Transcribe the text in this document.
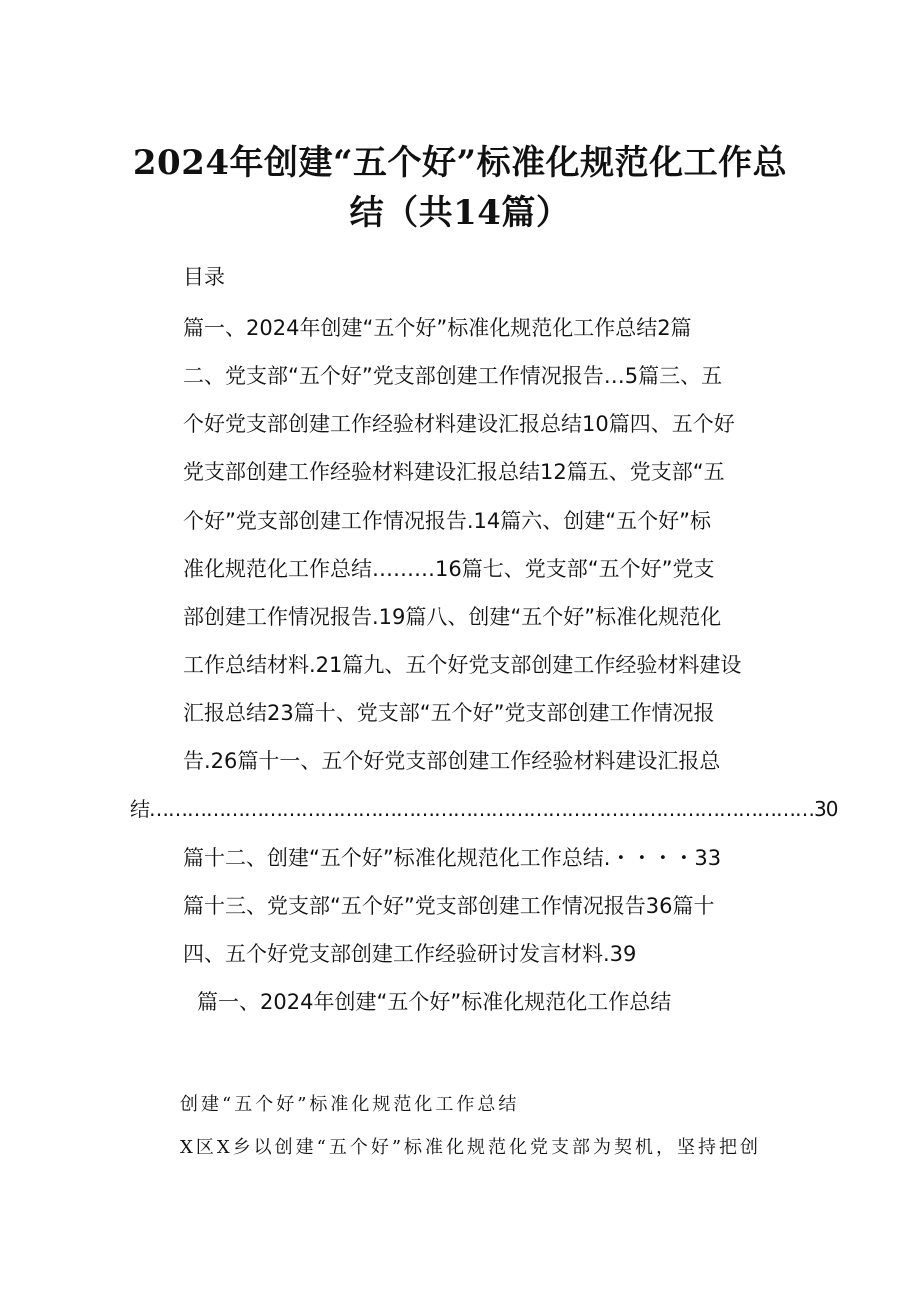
2024年创建“五个好”标准化规范化工作总
结（共14篇）
目录
篇一、2024年创建“五个好”标准化规范化工作总结2篇
二、党支部“五个好”党支部创建工作情况报告…5篇三、五
个好党支部创建工作经验材料建设汇报总结10篇四、五个好
党支部创建工作经验材料建设汇报总结12篇五、党支部“五
个好”党支部创建工作情况报告.14篇六、创建“五个好”标
准化规范化工作总结………16篇七、党支部“五个好”党支
部创建工作情况报告.19篇八、创建“五个好”标准化规范化
工作总结材料.21篇九、五个好党支部创建工作经验材料建设
汇报总结23篇十、党支部“五个好”党支部创建工作情况报
告.26篇十一、五个好党支部创建工作经验材料建设汇报总
结……………………………………………………………………………………………30
篇十二、创建“五个好”标准化规范化工作总结.・・・・33
篇十三、党支部“五个好”党支部创建工作情况报告36篇十
四、五个好党支部创建工作经验研讨发言材料.39
篇一、2024年创建“五个好”标准化规范化工作总结
创建“五个好”标准化规范化工作总结
X区X乡以创建“五个好”标准化规范化党支部为契机，坚持把创
